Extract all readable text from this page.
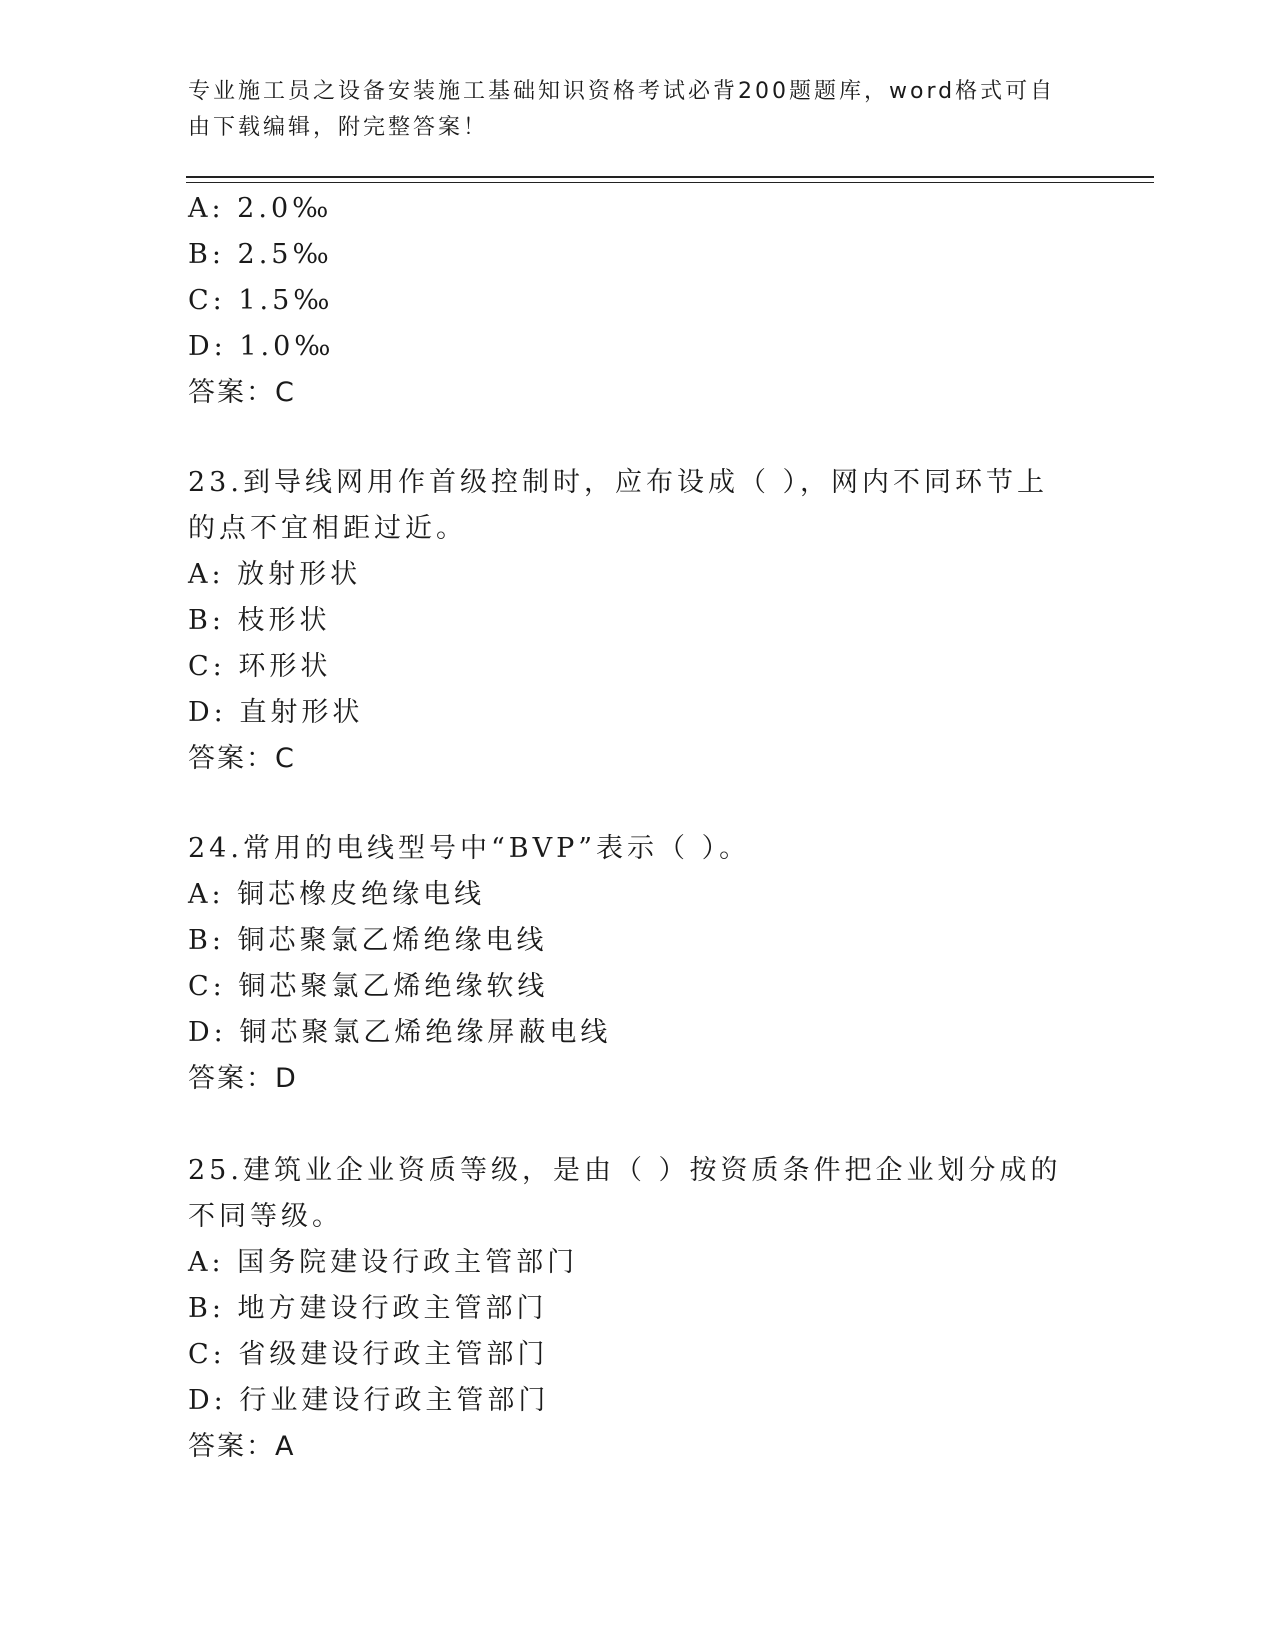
专业施工员之设备安装施工基础知识资格考试必背200题题库，word格式可自由下载编辑，附完整答案！
A: 2.0‰
B: 2.5‰
C: 1.5‰
D: 1.0‰
答案：C
23.到导线网用作首级控制时，应布设成（ ），网内不同环节上的点不宜相距过近。
A: 放射形状
B: 枝形状
C: 环形状
D: 直射形状
答案：C
24.常用的电线型号中“BVP”表示（ ）。
A: 铜芯橡皮绝缘电线
B: 铜芯聚氯乙烯绝缘电线
C: 铜芯聚氯乙烯绝缘软线
D: 铜芯聚氯乙烯绝缘屏蔽电线
答案：D
25.建筑业企业资质等级，是由（ ）按资质条件把企业划分成的不同等级。
A: 国务院建设行政主管部门
B: 地方建设行政主管部门
C: 省级建设行政主管部门
D: 行业建设行政主管部门
答案：A
